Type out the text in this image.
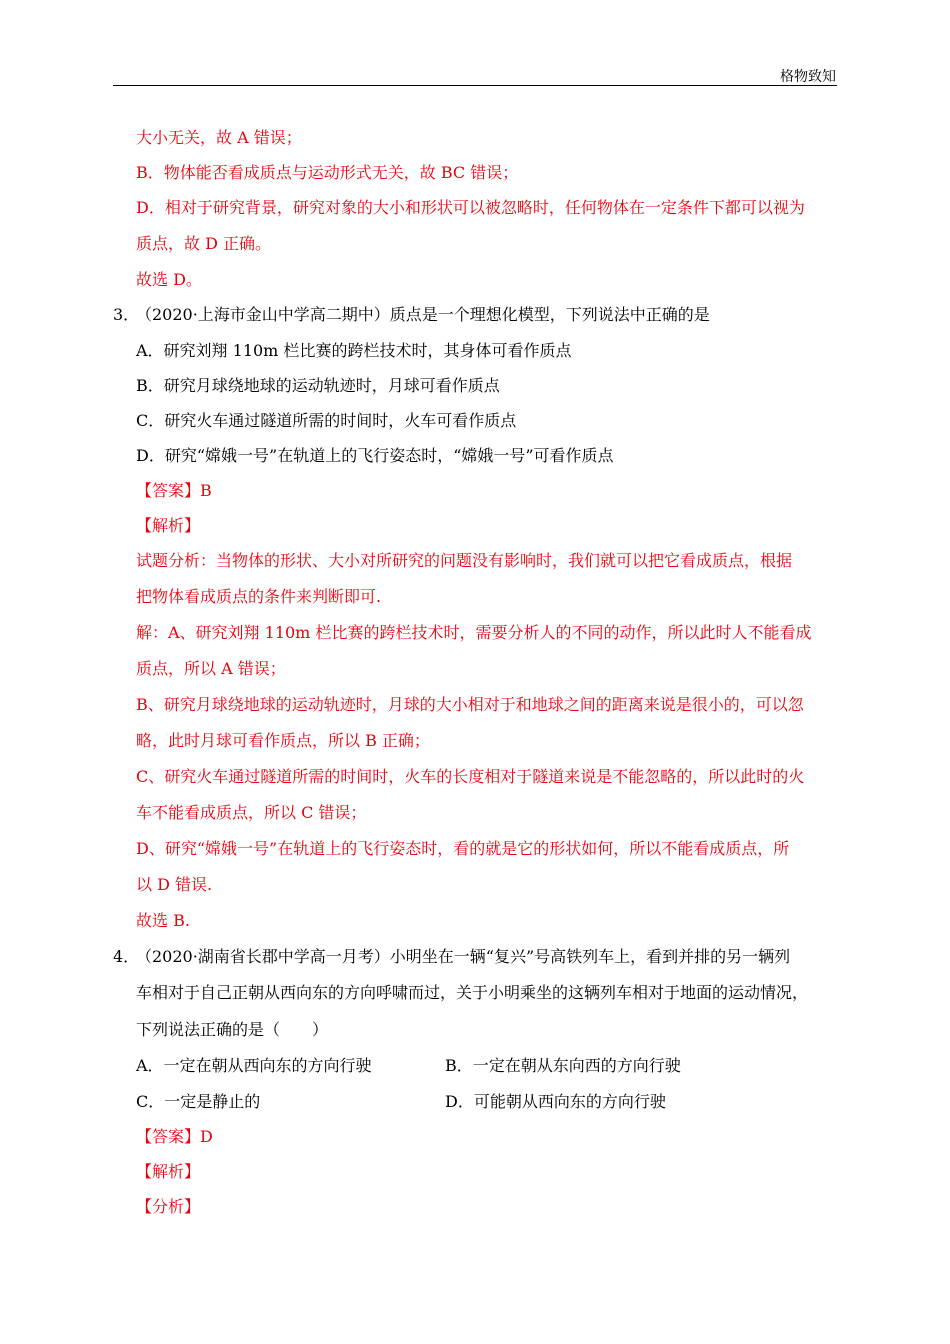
格物致知
大小无关，故 A 错误；
B．物体能否看成质点与运动形式无关，故 BC 错误；
D．相对于研究背景，研究对象的大小和形状可以被忽略时，任何物体在一定条件下都可以视为
质点，故 D 正确。
故选 D。
3．
（2020·上海市金山中学高二期中）质点是一个理想化模型，下列说法中正确的是
A．研究刘翔 110m 栏比赛的跨栏技术时，其身体可看作质点
B．研究月球绕地球的运动轨迹时，月球可看作质点
C．研究火车通过隧道所需的时间时，火车可看作质点
D．研究“嫦娥一号”在轨道上的飞行姿态时，“嫦娥一号”可看作质点
【答案】B
【解析】
试题分析：当物体的形状、大小对所研究的问题没有影响时，我们就可以把它看成质点，根据
把物体看成质点的条件来判断即可.
解：A、研究刘翔 110m 栏比赛的跨栏技术时，需要分析人的不同的动作，所以此时人不能看成
质点，所以 A 错误；
B、研究月球绕地球的运动轨迹时，月球的大小相对于和地球之间的距离来说是很小的，可以忽
略，此时月球可看作质点，所以 B 正确；
C、研究火车通过隧道所需的时间时，火车的长度相对于隧道来说是不能忽略的，所以此时的火
车不能看成质点，所以 C 错误；
D、研究“嫦娥一号”在轨道上的飞行姿态时，看的就是它的形状如何，所以不能看成质点，所
以 D 错误.
故选 B.
4．
（2020·湖南省长郡中学高一月考）小明坐在一辆“复兴”号高铁列车上，看到并排的另一辆列
车相对于自己正朝从西向东的方向呼啸而过，关于小明乘坐的这辆列车相对于地面的运动情况，
下列说法正确的是（　　）
A．一定在朝从西向东的方向行驶	B．一定在朝从东向西的方向行驶
C．一定是静止的	D．可能朝从西向东的方向行驶
【答案】D
【解析】
【分析】
